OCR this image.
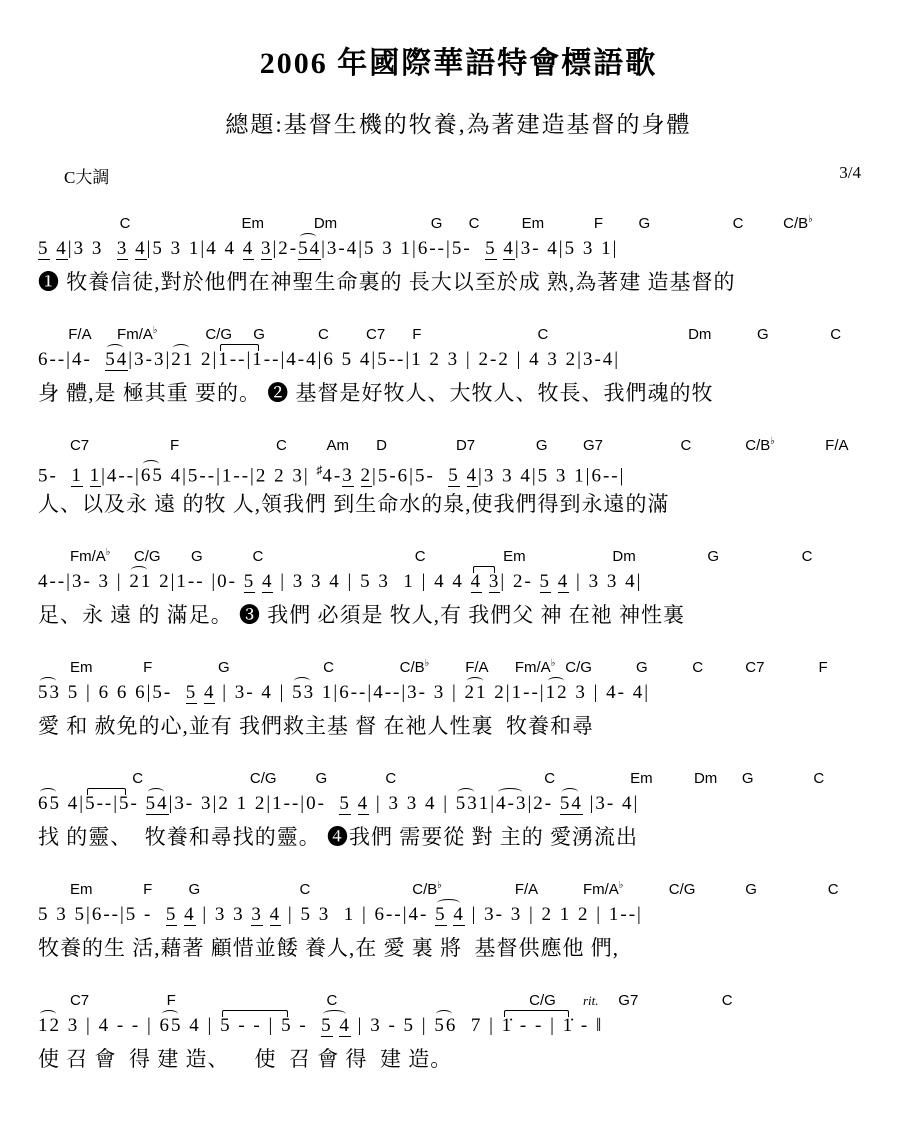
2006 年國際華語特會標語歌
總題:基督生機的牧養,為著建造基督的身體
C大調	3/4
C	Em	Dm	G C	Em	F G	C	C/B♭
5 4|3 3 3 4|5 3 1|4 4 4 3|2-54|3-4|5 3 1|6--|5- 5 4|3- 4|5 3 1|
❶ 牧養信徒,對於他們在神聖生命裏的 長大以至於成 熟,為著建 造基督的
F/A Fm/A♭	C/G G	C C7 F	C	Dm	G	C
6--|4- 54|3-3|21 2|1--|1--|4-4|6 5 4|5--|1 2 3 | 2-2 | 4 3 2|3-4|
身 體,是 極其重 要的。 ❷ 基督是好牧人、大牧人、牧長、我們魂的牧
C7	F	C	Am D	D7	G G7	C	C/B♭	F/A
5- 1 1|4--|65 4|5--|1--|2 2 3| ♯4-3 2|5-6|5- 5 4|3 3 4|5 3 1|6--|
人、以及永 遠 的牧 人,領我們 到生命水的泉,使我們得到永遠的滿
Fm/A♭ C/G G	C	C	Em	Dm	G	C
4--|3- 3 | 21 2|1-- |0- 5 4 | 3 3 4 | 5 3 1 | 4 4 4 3| 2- 5 4 | 3 3 4|
足、永 遠 的 滿足。 ❸ 我們 必須是 牧人,有 我們父 神 在祂 神性裏
Em	F	G	C	C/B♭ F/A Fm/A♭ C/G	G	C	C7	F
53 5 | 6 6 6|5- 5 4 | 3- 4 | 53 1|6--|4--|3- 3 | 21 2|1--|12 3 | 4- 4|
愛 和 赦免的心,並有 我們救主基 督 在祂人性裏  牧養和尋
C	C/G	G	C	C	Em	Dm G	C
65 4|5--|5- 54|3- 3|2 1 2|1--|0- 5 4 | 3 3 4 | 531|4-3|2- 54 |3- 4|
找 的靈、  牧養和尋找的靈。 ❹我們 需要從 對 主的 愛湧流出
Em	F G	C	C/B♭	F/A	Fm/A♭	C/G	G	C
5 3 5|6--|5 - 5 4 | 3 3 3 4 | 5 3 1 | 6--|4- 5 4 | 3- 3 | 2 1 2 | 1--|
牧養的生 活,藉著 顧惜並餧 養人,在 愛 裏 將  基督供應他 們,
C7	F	C	C/G rit. G7	C
12 3 | 4 - - | 65 4 | 5 - - | 5 - 5 4 | 3 - 5 | 56 7 | 1̇ - - | 1̇ - ‖
使 召 會  得 建 造、    使  召 會 得  建 造。
